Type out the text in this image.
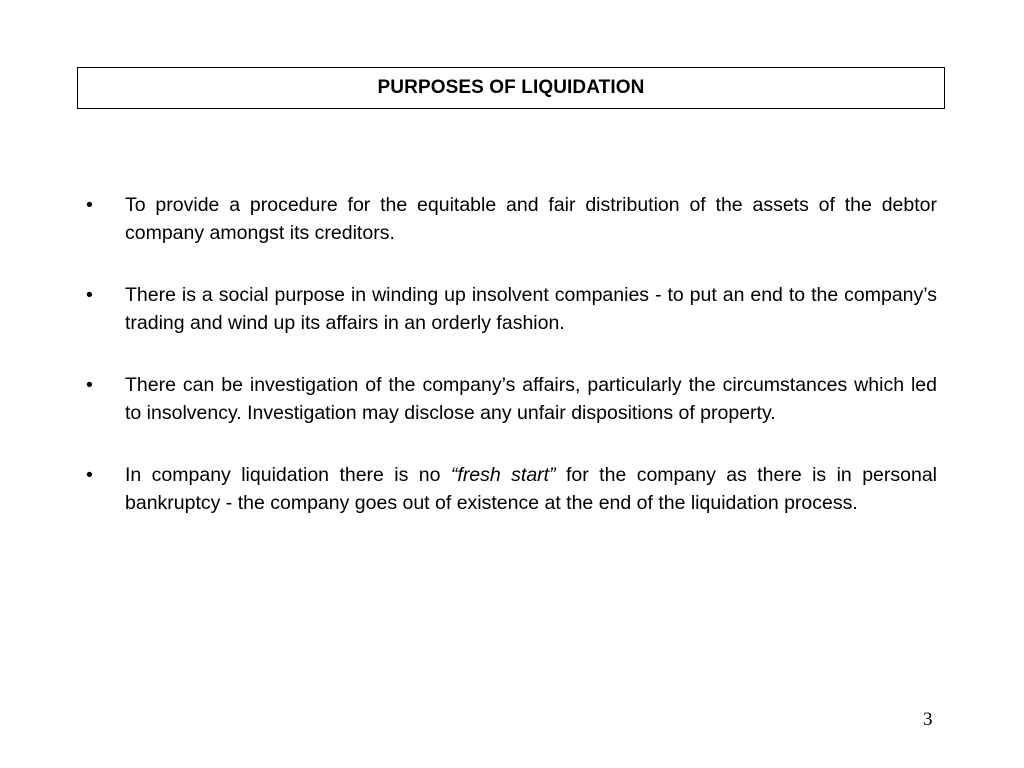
PURPOSES OF LIQUIDATION
•	To provide a procedure for the equitable and fair distribution of the assets of the debtor company amongst its creditors.
•	There is a social purpose in winding up insolvent companies - to put an end to the company’s trading and wind up its affairs in an orderly fashion.
•	There can be investigation of the company’s affairs, particularly the circumstances which led to insolvency. Investigation may disclose any unfair dispositions of property.
•	In company liquidation there is no “fresh start” for the company as there is in personal bankruptcy - the company goes out of existence at the end of the liquidation process.
3
